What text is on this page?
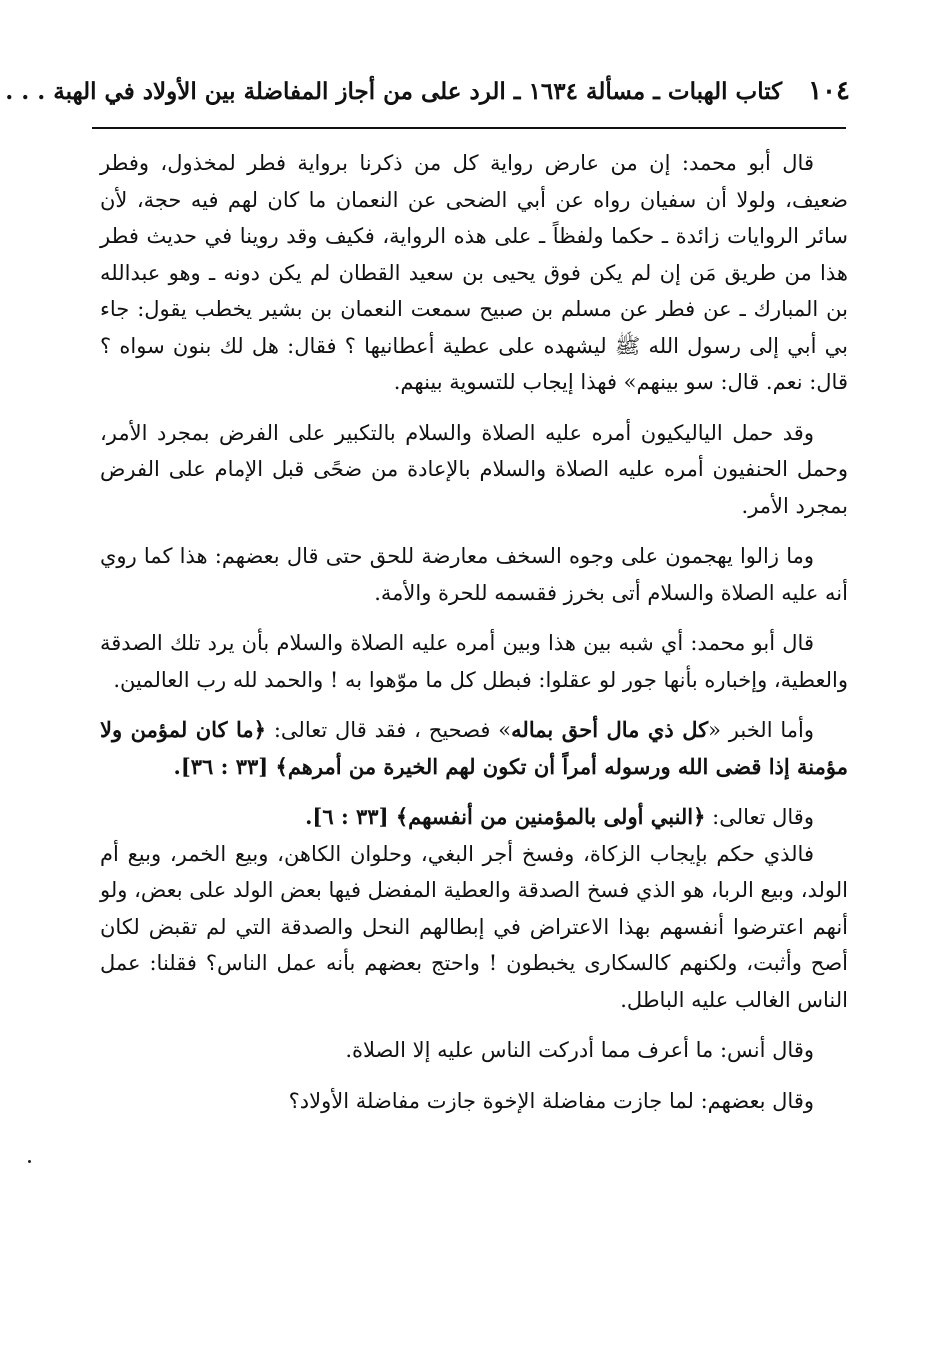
١٠٤
كتاب الهبات ـ مسألة ١٦٣٤ ـ الرد على من أجاز المفاضلة بين الأولاد في الهبة . . .

قال أبو محمد: إن من عارض رواية كل من ذكرنا برواية فطر لمخذول، وفطر ضعيف، ولولا أن سفيان رواه عن أبي الضحى عن النعمان ما كان لهم فيه حجة، لأن سائر الروايات زائدة ـ حكما ولفظاً ـ على هذه الرواية، فكيف وقد روينا في حديث فطر هذا من طريق مَن إن لم يكن فوق يحيى بن سعيد القطان لم يكن دونه ـ وهو عبدالله بن المبارك ـ عن فطر عن مسلم بن صبيح سمعت النعمان بن بشير يخطب يقول: جاء بي أبي إلى رسول الله ﷺ ليشهده على عطية أعطانيها ؟ فقال: هل لك بنون سواه ؟ قال: نعم. قال: سو بينهم» فهذا إيجاب للتسوية بينهم.

وقد حمل الياليكيون أمره عليه الصلاة والسلام بالتكبير على الفرض بمجرد الأمر، وحمل الحنفيون أمره عليه الصلاة والسلام بالإعادة من ضحًى قبل الإمام على الفرض بمجرد الأمر.

وما زالوا يهجمون على وجوه السخف معارضة للحق حتى قال بعضهم: هذا كما روي أنه عليه الصلاة والسلام أتى بخرز فقسمه للحرة والأمة.

قال أبو محمد: أي شبه بين هذا وبين أمره عليه الصلاة والسلام بأن يرد تلك الصدقة والعطية، وإخباره بأنها جور لو عقلوا: فبطل كل ما موّهوا به ! والحمد لله رب العالمين.

وأما الخبر «كل ذي مال أحق بماله» فصحيح ، فقد قال تعالى: ﴿ما كان لمؤمن ولا مؤمنة إذا قضى الله ورسوله أمراً أن تكون لهم الخيرة من أمرهم﴾ [٣٣ : ٣٦].

وقال تعالى: ﴿النبي أولى بالمؤمنين من أنفسهم﴾ [٣٣ : ٦].

فالذي حكم بإيجاب الزكاة، وفسخ أجر البغي، وحلوان الكاهن، وبيع الخمر، وبيع أم الولد، وبيع الربا، هو الذي فسخ الصدقة والعطية المفضل فيها بعض الولد على بعض، ولو أنهم اعترضوا أنفسهم بهذا الاعتراض في إبطالهم النحل والصدقة التي لم تقبض لكان أصح وأثبت، ولكنهم كالسكارى يخبطون ! واحتج بعضهم بأنه عمل الناس؟ فقلنا: عمل الناس الغالب عليه الباطل.

وقال أنس: ما أعرف مما أدركت الناس عليه إلا الصلاة.

وقال بعضهم: لما جازت مفاضلة الإخوة جازت مفاضلة الأولاد؟
